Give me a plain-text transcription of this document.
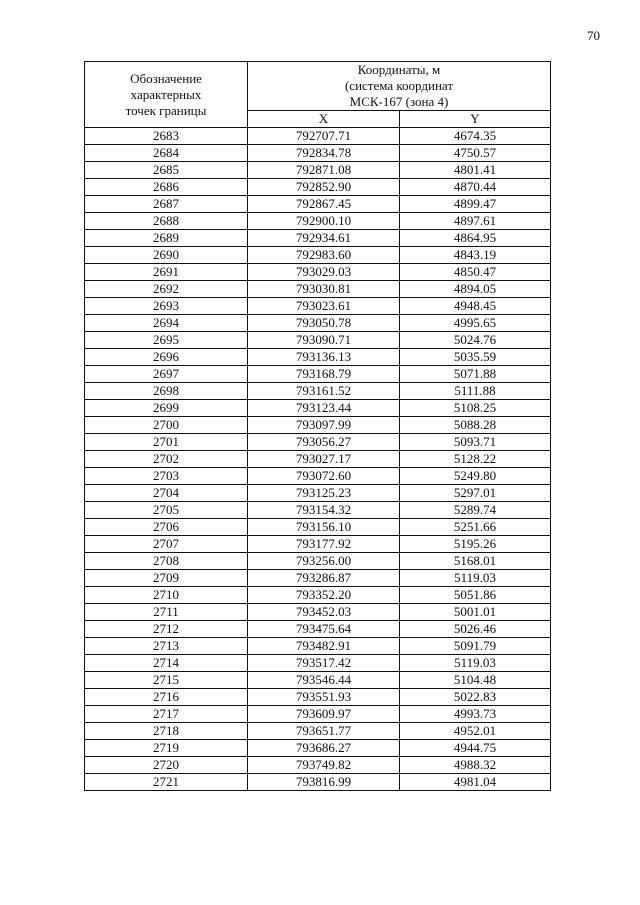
70
Обозначение
характерных
точек границы	Координаты, м
(система координат
МСК-167 (зона 4)	
	X	Y
2683	792707.71	4674.35
2684	792834.78	4750.57
2685	792871.08	4801.41
2686	792852.90	4870.44
2687	792867.45	4899.47
2688	792900.10	4897.61
2689	792934.61	4864.95
2690	792983.60	4843.19
2691	793029.03	4850.47
2692	793030.81	4894.05
2693	793023.61	4948.45
2694	793050.78	4995.65
2695	793090.71	5024.76
2696	793136.13	5035.59
2697	793168.79	5071.88
2698	793161.52	5111.88
2699	793123.44	5108.25
2700	793097.99	5088.28
2701	793056.27	5093.71
2702	793027.17	5128.22
2703	793072.60	5249.80
2704	793125.23	5297.01
2705	793154.32	5289.74
2706	793156.10	5251.66
2707	793177.92	5195.26
2708	793256.00	5168.01
2709	793286.87	5119.03
2710	793352.20	5051.86
2711	793452.03	5001.01
2712	793475.64	5026.46
2713	793482.91	5091.79
2714	793517.42	5119.03
2715	793546.44	5104.48
2716	793551.93	5022.83
2717	793609.97	4993.73
2718	793651.77	4952.01
2719	793686.27	4944.75
2720	793749.82	4988.32
2721	793816.99	4981.04
